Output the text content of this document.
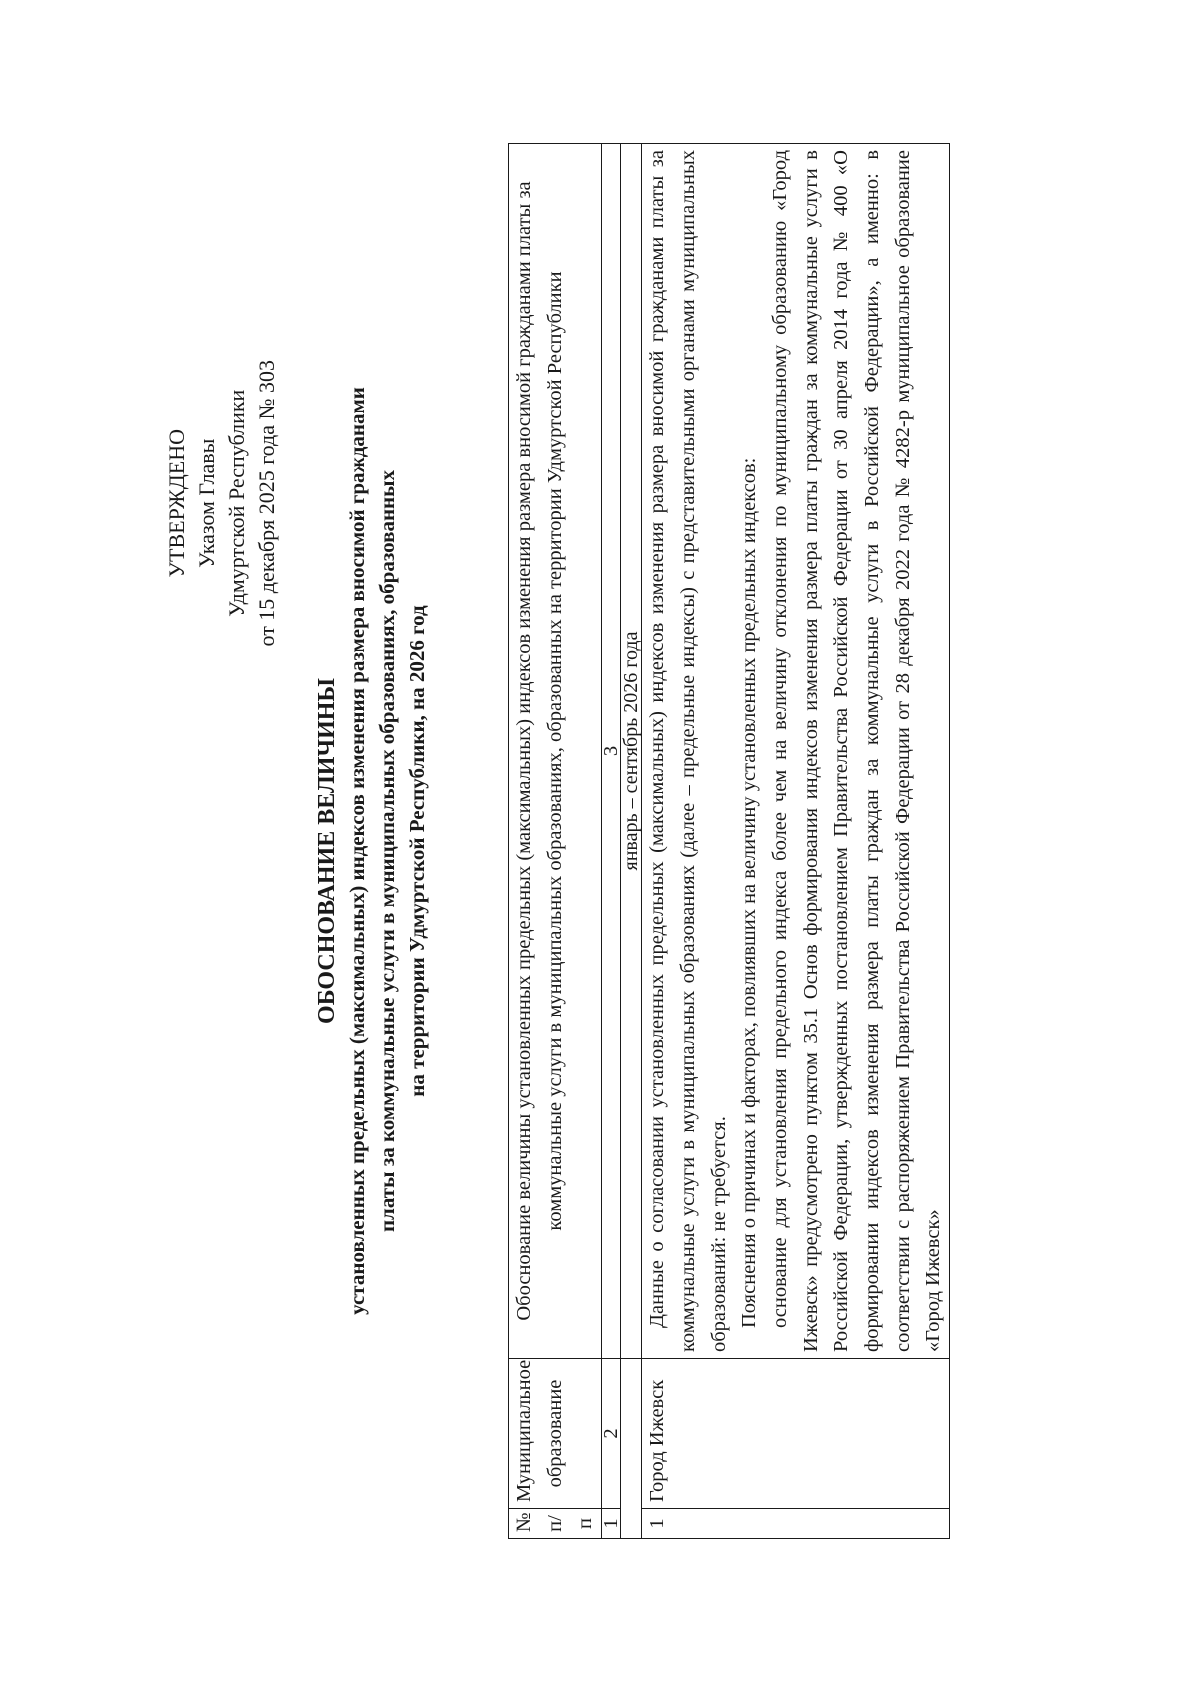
УТВЕРЖДЕНО Указом Главы Удмуртской Республики от 15 декабря 2025 года № 303
ОБОСНОВАНИЕ ВЕЛИЧИНЫ установленных предельных (максимальных) индексов изменения размера вносимой гражданами платы за коммунальные услуги в муниципальных образованиях, образованных на территории Удмуртской Республики, на 2026 год
№ п/п	Муниципальное образование	Обоснование величины установленных предельных (максимальных) индексов изменения размера вносимой гражданами платы за коммунальные услуги в муниципальных образованиях, образованных на территории Удмуртской Республики
1	2	3
		январь – сентябрь 2026 года
1	Город Ижевск	Данные о согласовании установленных предельных (максимальных) индексов изменения размера вносимой гражданами платы за коммунальные услуги в муниципальных образованиях (далее – предельные индексы) с представительными органами муниципальных образований: не требуется. Пояснения о причинах и факторах, повлиявших на величину установленных предельных индексов: основание для установления предельного индекса более чем на величину отклонения по муниципальному образованию «Город Ижевск» предусмотрено пунктом 35.1 Основ формирования индексов изменения размера платы граждан за коммунальные услуги в Российской Федерации, утвержденных постановлением Правительства Российской Федерации от 30 апреля 2014 года № 400 «О формировании индексов изменения размера платы граждан за коммунальные услуги в Российской Федерации», а именно: в соответствии с распоряжением Правительства Российской Федерации от 28 декабря 2022 года № 4282-р муниципальное образование «Город Ижевск»
